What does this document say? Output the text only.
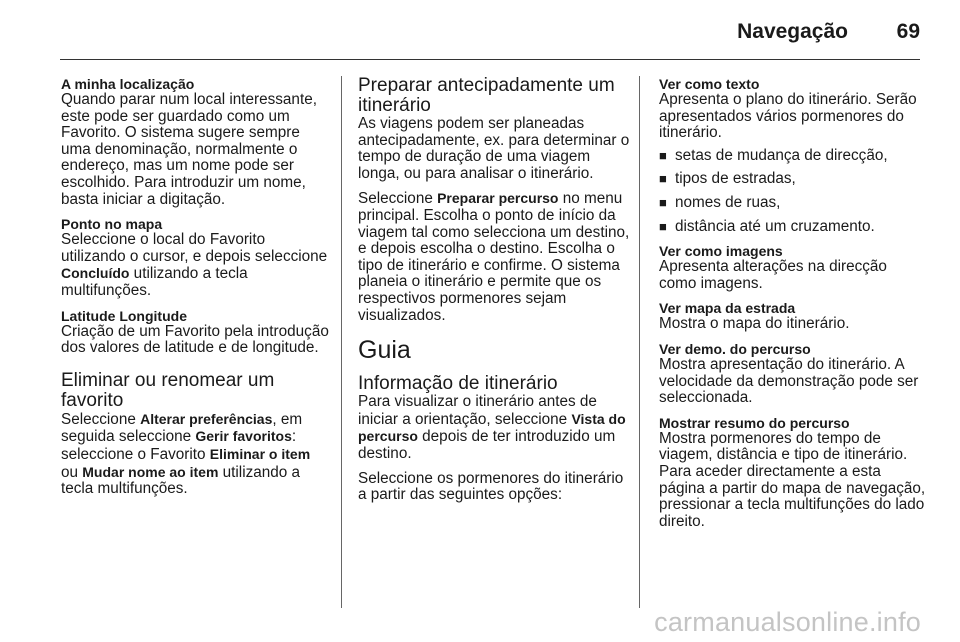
Navegação 69
A minha localização
Quando parar num local interessante, este pode ser guardado como um Favorito. O sistema sugere sempre uma denominação, normalmente o endereço, mas um nome pode ser escolhido. Para introduzir um nome, basta iniciar a digitação.
Ponto no mapa
Seleccione o local do Favorito utilizando o cursor, e depois seleccione Concluído utilizando a tecla multifunções.
Latitude Longitude
Criação de um Favorito pela introdução dos valores de latitude e de longitude.
Eliminar ou renomear um favorito
Seleccione Alterar preferências, em seguida seleccione Gerir favoritos: seleccione o Favorito Eliminar o item ou Mudar nome ao item utilizando a tecla multifunções.
Preparar antecipadamente um itinerário

As viagens podem ser planeadas antecipadamente, ex. para determinar o tempo de duração de uma viagem longa, ou para analisar o itinerário.

Seleccione Preparar percurso no menu principal. Escolha o ponto de início da viagem tal como selecciona um destino, e depois escolha o destino. Escolha o tipo de itinerário e confirme. O sistema planeia o itinerário e permite que os respectivos pormenores sejam visualizados.

Guia
Informação de itinerário

Para visualizar o itinerário antes de iniciar a orientação, seleccione Vista do percurso depois de ter introduzido um destino.

Seleccione os pormenores do itinerário a partir das seguintes opções:

Ver como texto
Apresenta o plano do itinerário. Serão apresentados vários pormenores do itinerário.
■ setas de mudança de direcção,
■ tipos de estradas,
■ nomes de ruas,
■ distância até um cruzamento.
Ver como imagens
Apresenta alterações na direcção como imagens.
Ver mapa da estrada
Mostra o mapa do itinerário.
Ver demo. do percurso
Mostra apresentação do itinerário. A velocidade da demonstração pode ser seleccionada.
Mostrar resumo do percurso
Mostra pormenores do tempo de viagem, distância e tipo de itinerário. Para aceder directamente a esta página a partir do mapa de navegação, pressionar a tecla multifunções do lado direito.
carmanualsonline.info
